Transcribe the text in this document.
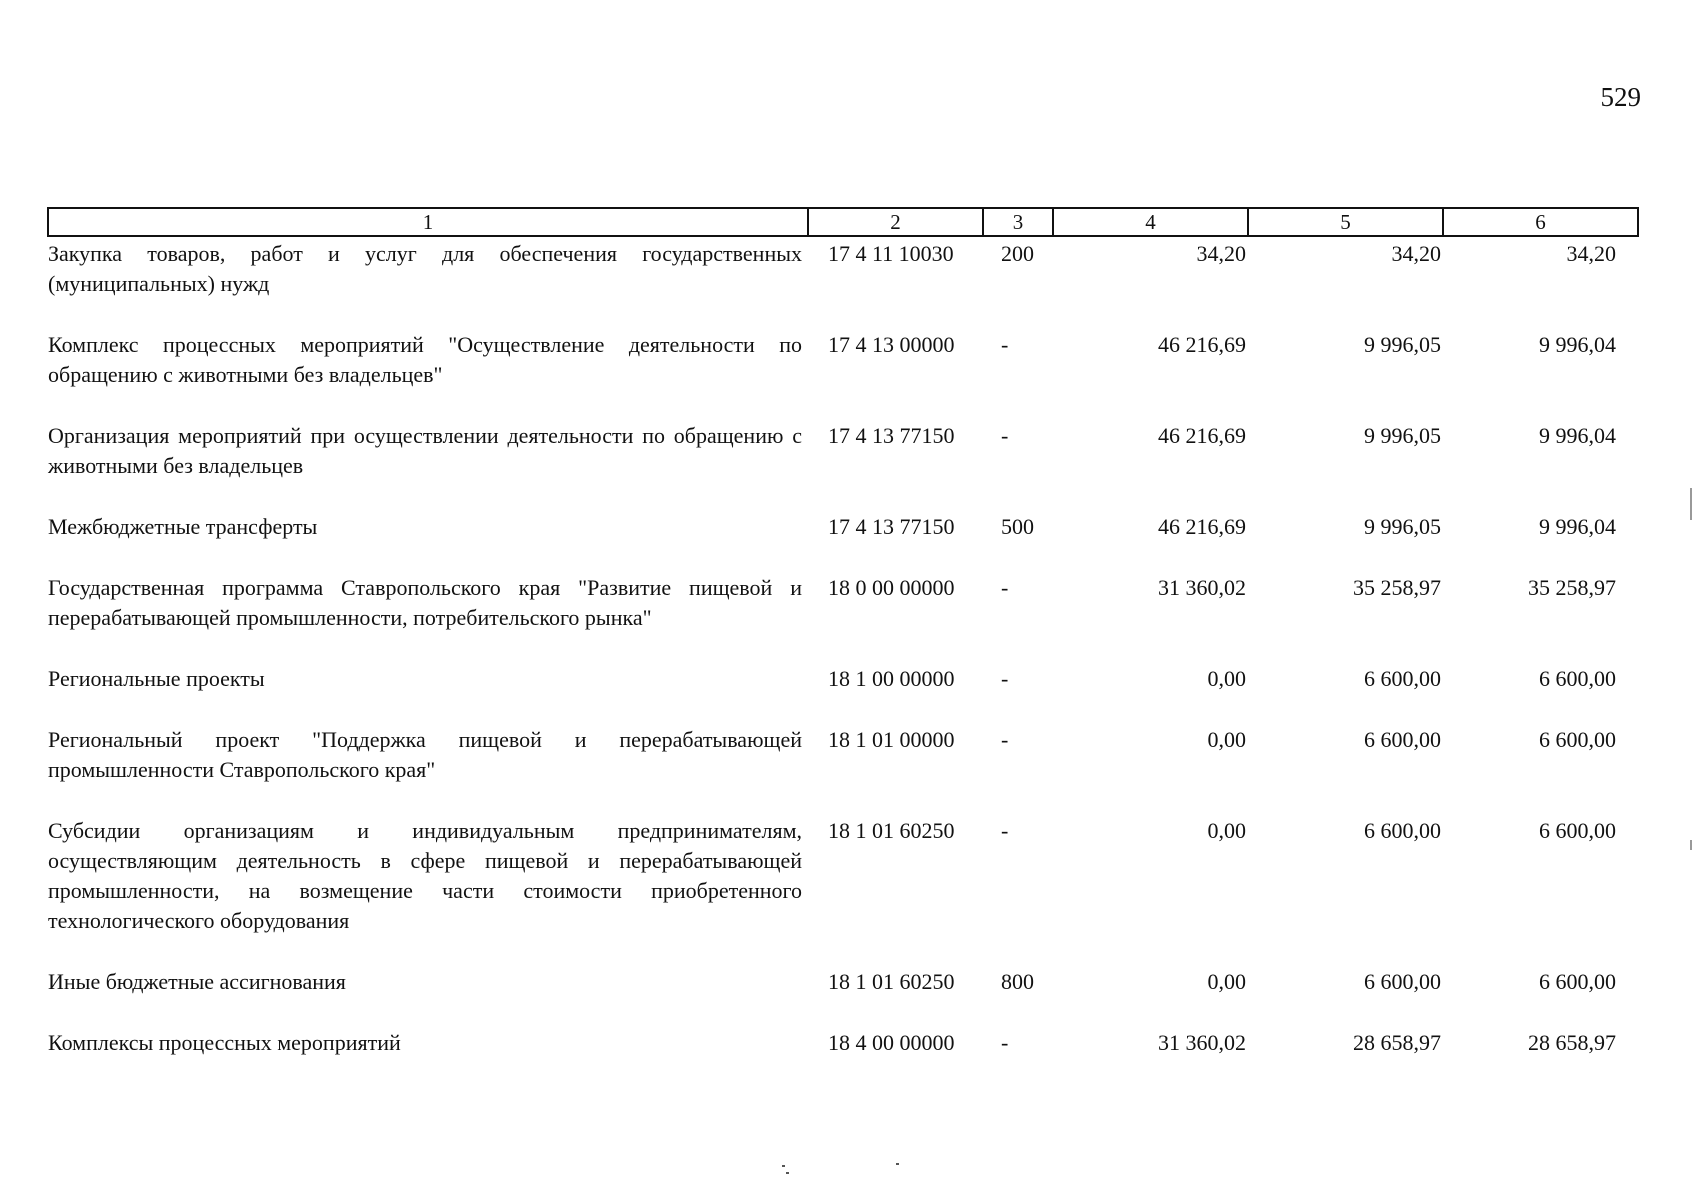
529
1	2	3	4	5	6

Закупка товаров, работ и услуг для обеспечения государственных (муниципальных) нужд	17 4 11 10030	200	34,20	34,20	34,20

Комплекс процессных мероприятий "Осуществление деятельности по обращению с животными без владельцев"	17 4 13 00000	-	46 216,69	9 996,05	9 996,04

Организация мероприятий при осуществлении деятельности по обращению с животными без владельцев	17 4 13 77150	-	46 216,69	9 996,05	9 996,04

Межбюджетные трансферты	17 4 13 77150	500	46 216,69	9 996,05	9 996,04

Государственная программа Ставропольского края "Развитие пищевой и перерабатывающей промышленности, потребительского рынка"	18 0 00 00000	-	31 360,02	35 258,97	35 258,97

Региональные проекты	18 1 00 00000	-	0,00	6 600,00	6 600,00

Региональный проект "Поддержка пищевой и перерабатывающей промышленности Ставропольского края"	18 1 01 00000	-	0,00	6 600,00	6 600,00

Субсидии организациям и индивидуальным предпринимателям, осуществляющим деятельность в сфере пищевой и перерабатывающей промышленности, на возмещение части стоимости приобретенного технологического оборудования	18 1 01 60250	-	0,00	6 600,00	6 600,00

Иные бюджетные ассигнования	18 1 01 60250	800	0,00	6 600,00	6 600,00

Комплексы процессных мероприятий	18 4 00 00000	-	31 360,02	28 658,97	28 658,97
